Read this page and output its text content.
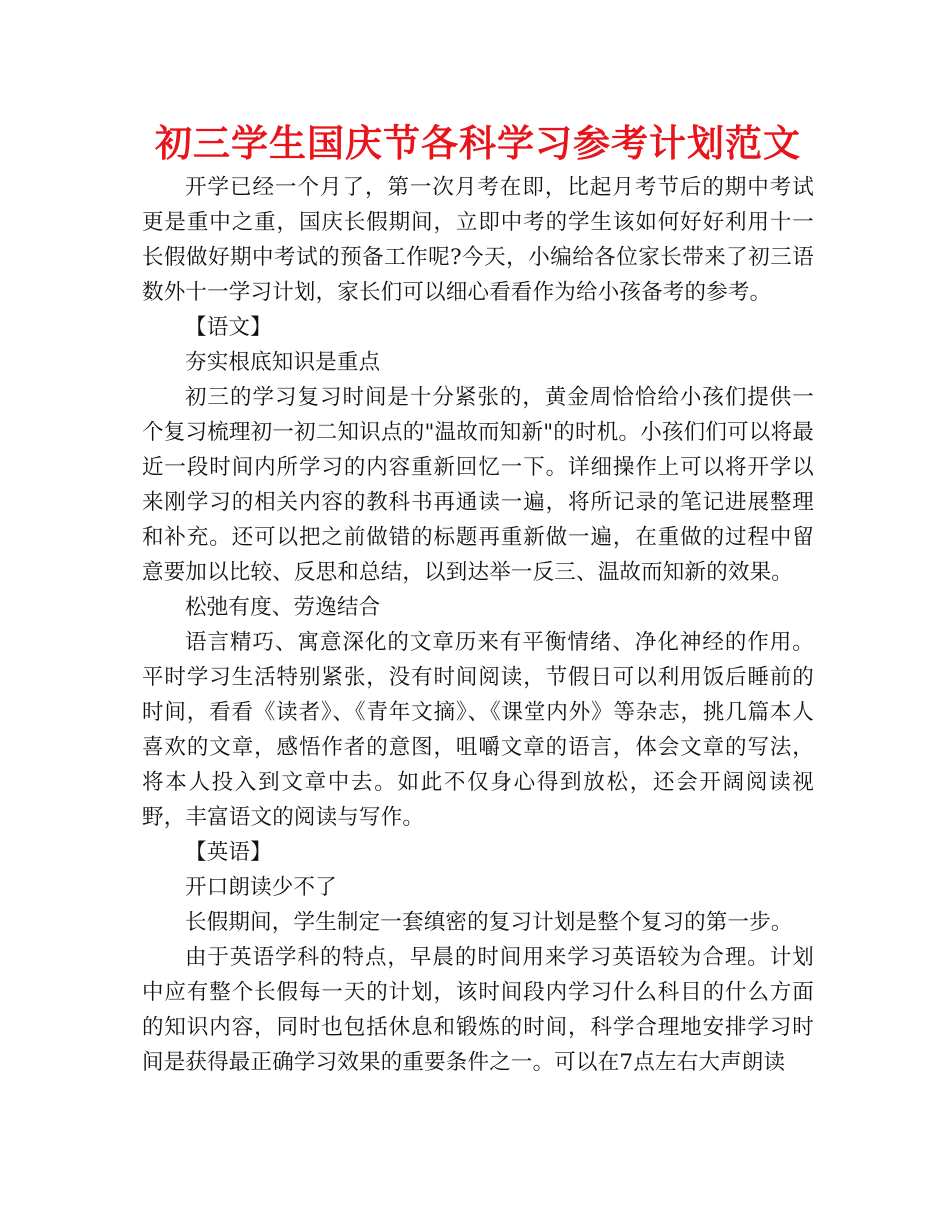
初三学生国庆节各科学习参考计划范文

开学已经一个月了，第一次月考在即，比起月考节后的期中考试更是重中之重，国庆长假期间，立即中考的学生该如何好好利用十一长假做好期中考试的预备工作呢?今天，小编给各位家长带来了初三语数外十一学习计划，家长们可以细心看看作为给小孩备考的参考。

【语文】

夯实根底知识是重点

初三的学习复习时间是十分紧张的，黄金周恰恰给小孩们提供一个复习梳理初一初二知识点的"温故而知新"的时机。小孩们们可以将最近一段时间内所学习的内容重新回忆一下。详细操作上可以将开学以来刚学习的相关内容的教科书再通读一遍，将所记录的笔记进展整理和补充。还可以把之前做错的标题再重新做一遍，在重做的过程中留意要加以比较、反思和总结，以到达举一反三、温故而知新的效果。

松弛有度、劳逸结合

语言精巧、寓意深化的文章历来有平衡情绪、净化神经的作用。平时学习生活特别紧张，没有时间阅读，节假日可以利用饭后睡前的时间，看看《读者》、《青年文摘》、《课堂内外》等杂志，挑几篇本人喜欢的文章，感悟作者的意图，咀嚼文章的语言，体会文章的写法，将本人投入到文章中去。如此不仅身心得到放松，还会开阔阅读视野，丰富语文的阅读与写作。

【英语】

开口朗读少不了

长假期间，学生制定一套缜密的复习计划是整个复习的第一步。

由于英语学科的特点，早晨的时间用来学习英语较为合理。计划中应有整个长假每一天的计划，该时间段内学习什么科目的什么方面的知识内容，同时也包括休息和锻炼的时间，科学合理地安排学习时间是获得最正确学习效果的重要条件之一。可以在7点左右大声朗读
